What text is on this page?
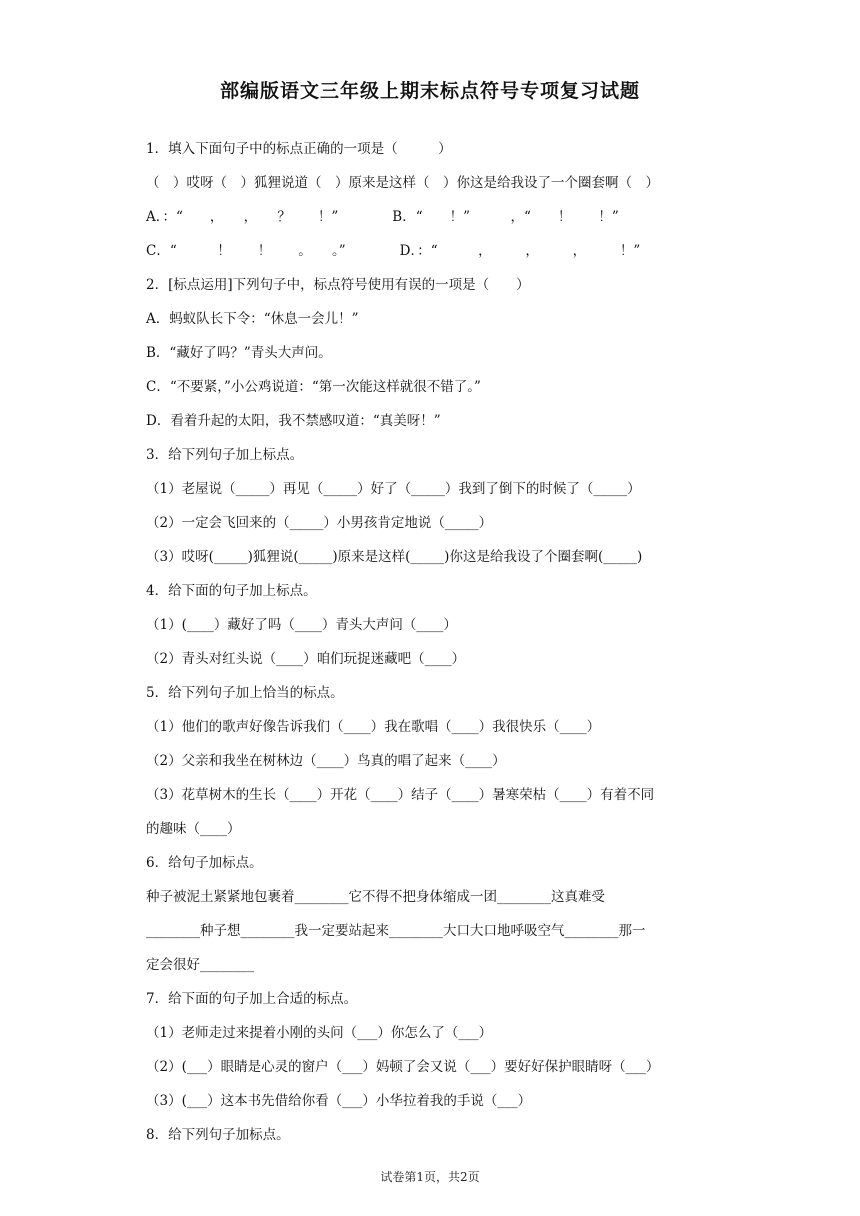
部编版语文三年级上期末标点符号专项复习试题
1．填入下面句子中的标点正确的一项是（　　　）
（　）哎呀（　）狐狸说道（　）原来是这样（　）你这是给我设了一个圈套啊（　）
A．：“　　，　　，　　？　　！”　　　　B．“　　！”　　　，“　　！　　！”
C．“　　　！　　！　　。　　。”　　　　D．：“　　　，　　　，　　　，　　　！”
2．[标点运用]下列句子中，标点符号使用有误的一项是（　　）
A．蚂蚁队长下令：“休息一会儿！”
B．“藏好了吗？”青头大声问。
C．“不要紧，”小公鸡说道：“第一次能这样就很不错了。”
D．看着升起的太阳，我不禁感叹道：“真美呀！”
3．给下列句子加上标点。
（1）老屋说（_____）再见（_____）好了（_____）我到了倒下的时候了（_____）
（2）一定会飞回来的（_____）小男孩肯定地说（_____）
（3）哎呀(_____)狐狸说(_____)原来是这样(_____)你这是给我设了个圈套啊(_____)
4．给下面的句子加上标点。
（1）(____）藏好了吗（____）青头大声问（____）
（2）青头对红头说（____）咱们玩捉迷藏吧（____）
5．给下列句子加上恰当的标点。
（1）他们的歌声好像告诉我们（____）我在歌唱（____）我很快乐（____）
（2）父亲和我坐在树林边（____）鸟真的唱了起来（____）
（3）花草树木的生长（____）开花（____）结子（____）暑寒荣枯（____）有着不同
的趣味（____）
6．给句子加标点。
种子被泥土紧紧地包裹着________它不得不把身体缩成一团________这真难受
________种子想________我一定要站起来________大口大口地呼吸空气________那一
定会很好________
7．给下面的句子加上合适的标点。
（1）老师走过来提着小刚的头问（___）你怎么了（___）
（2）(___）眼睛是心灵的窗户（___）妈顿了会又说（___）要好好保护眼睛呀（___）
（3）(___）这本书先借给你看（___）小华拉着我的手说（___）
8．给下列句子加标点。
试卷第1页，共2页
